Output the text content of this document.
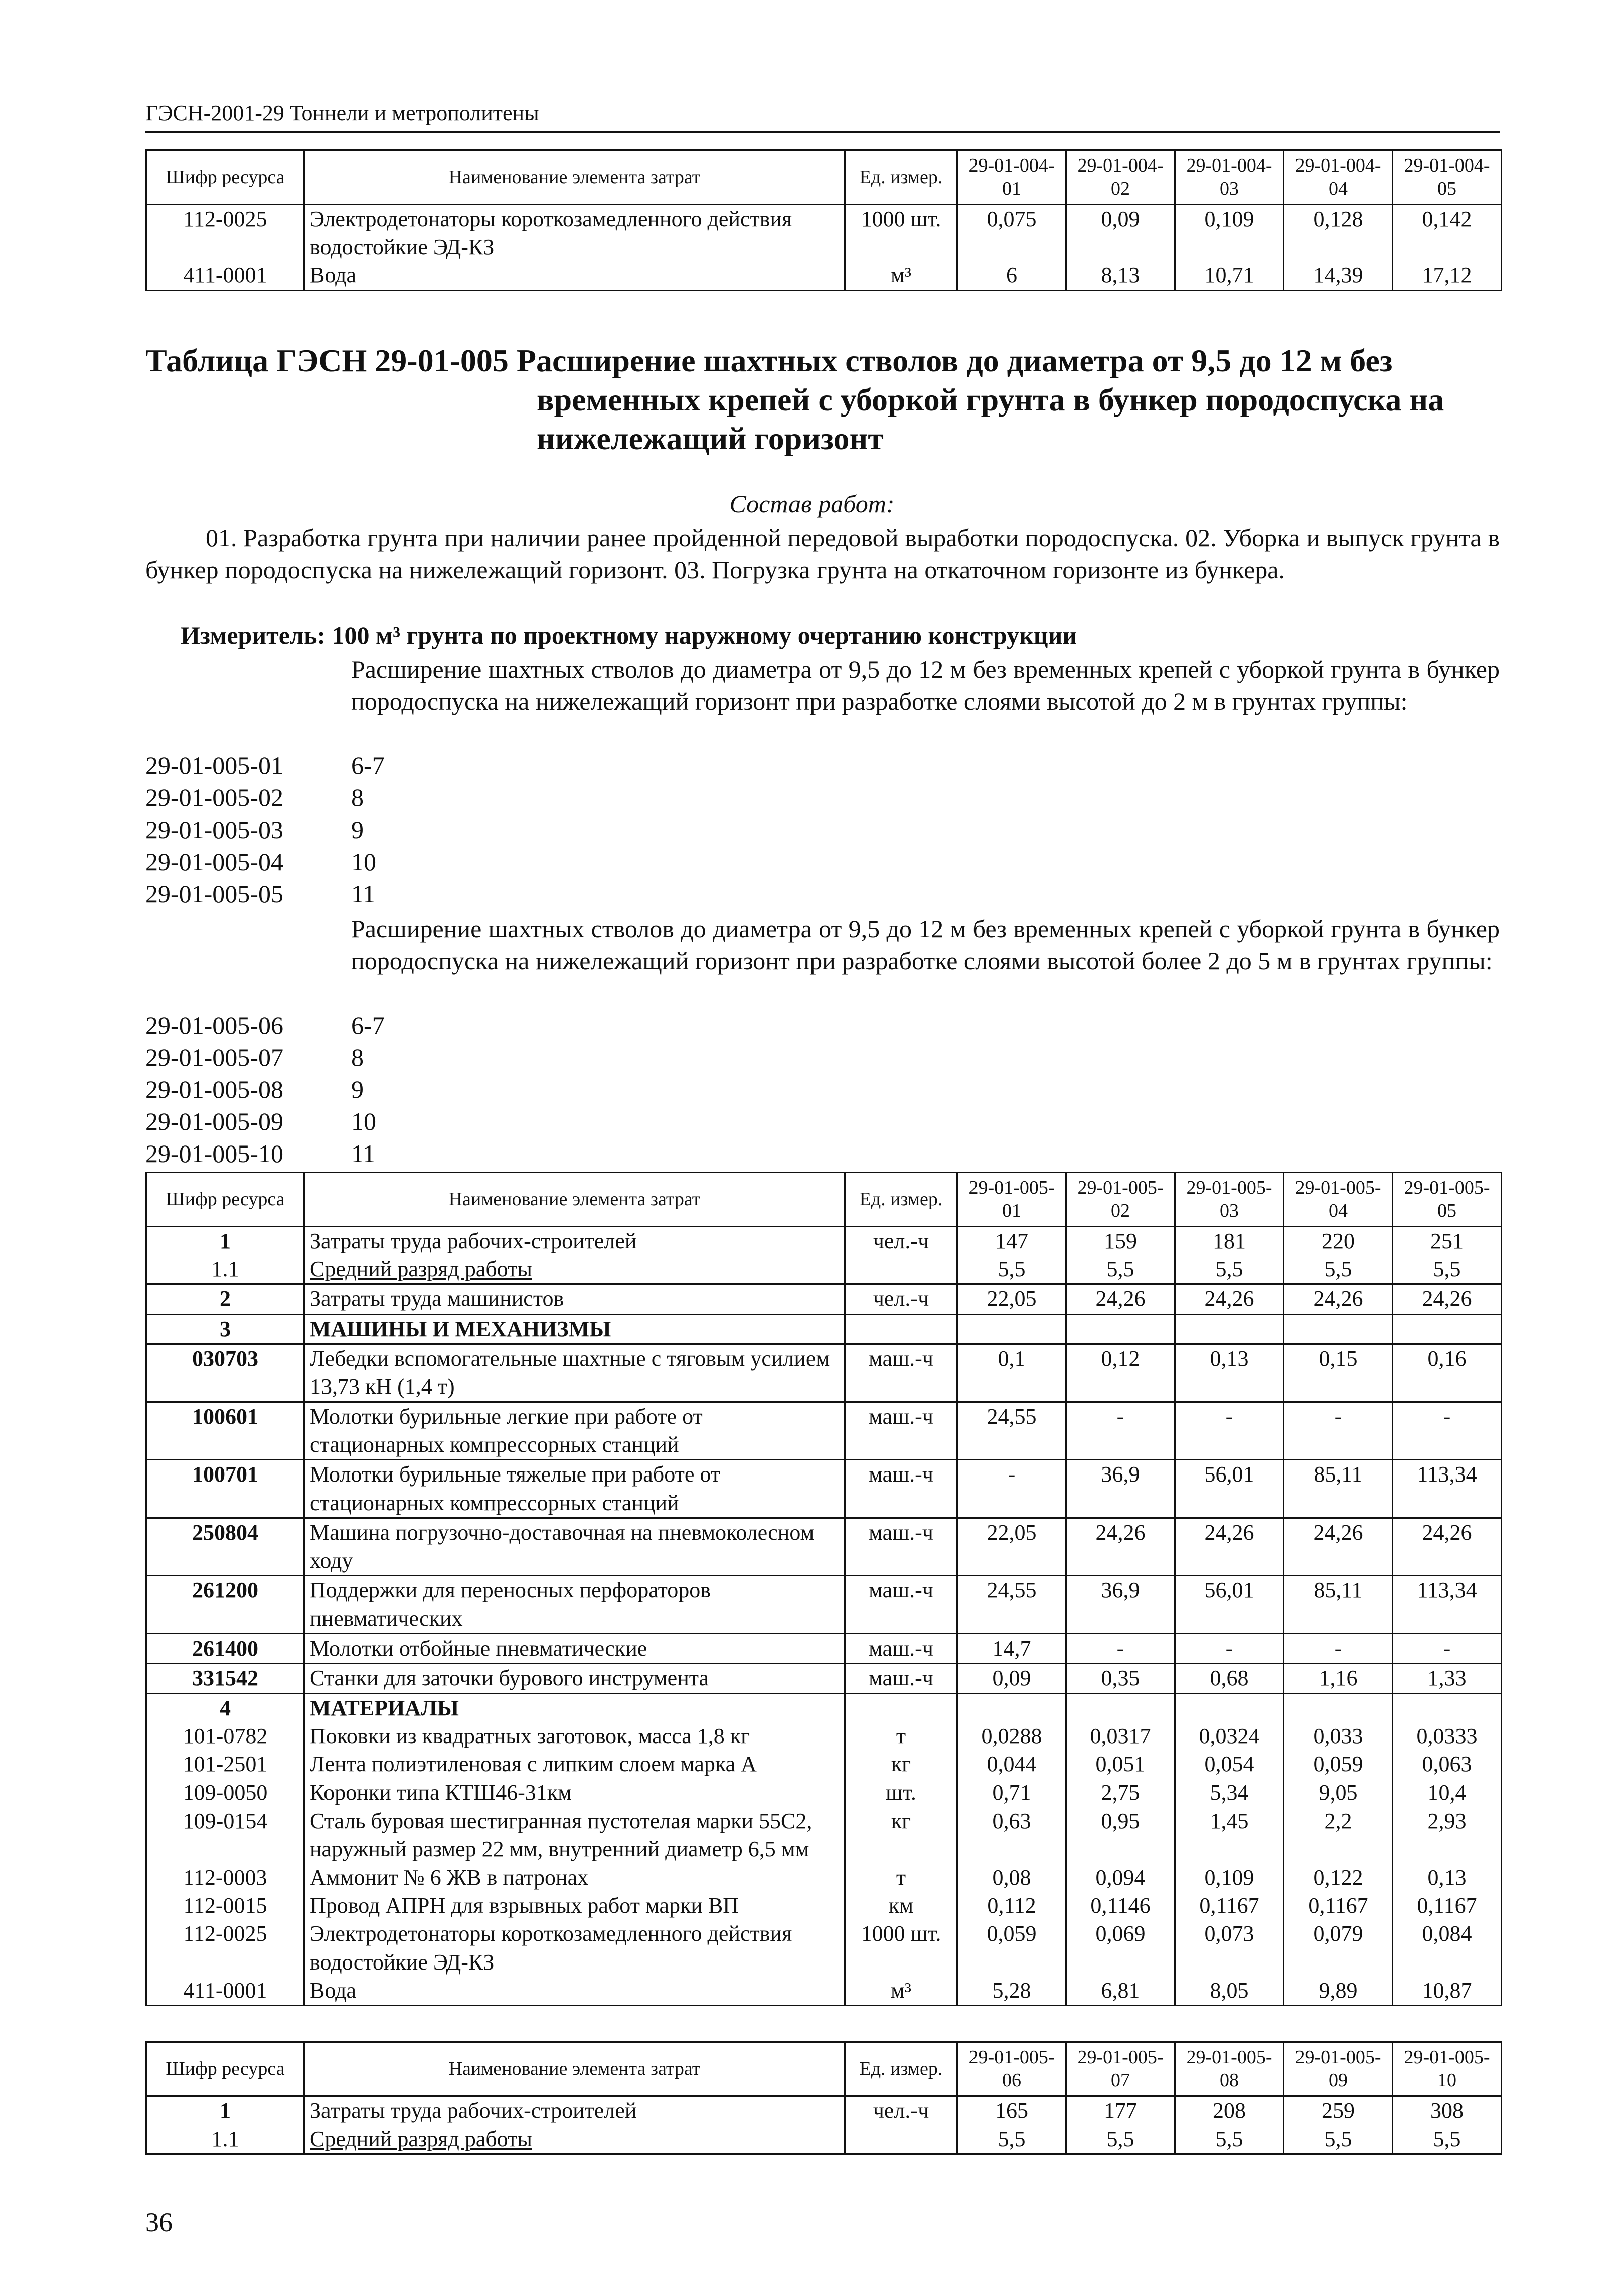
ГЭСН-2001-29 Тоннели и метрополитены
Шифр ресурса	Наименование элемента затрат	Ед. измер.	29-01-004-01	29-01-004-02	29-01-004-03	29-01-004-04	29-01-004-05
112-0025	Электродетонаторы короткозамедленного действия водостойкие ЭД-КЗ	1000 шт.	0,075	0,09	0,109	0,128	0,142
411-0001	Вода	м³	6	8,13	10,71	14,39	17,12
Таблица ГЭСН 29-01-005 Расширение шахтных стволов до диаметра от 9,5 до 12 м без
временных крепей с уборкой грунта в бункер породоспуска на нижележащий горизонт
Состав работ:
01. Разработка грунта при наличии ранее пройденной передовой выработки породоспуска. 02. Уборка и выпуск грунта в бункер породоспуска на нижележащий горизонт. 03. Погрузка грунта на откаточном горизонте из бункера.
Измеритель: 100 м³ грунта по проектному наружному очертанию конструкции
Расширение шахтных стволов до диаметра от 9,5 до 12 м без временных крепей с уборкой грунта в бункер породоспуска на нижележащий горизонт при разработке слоями высотой до 2 м в грунтах группы:
29-01-005-01	6-7
29-01-005-02	8
29-01-005-03	9
29-01-005-04	10
29-01-005-05	11
Расширение шахтных стволов до диаметра от 9,5 до 12 м без временных крепей с уборкой грунта в бункер породоспуска на нижележащий горизонт при разработке слоями высотой более 2 до 5 м в грунтах группы:
29-01-005-06	6-7
29-01-005-07	8
29-01-005-08	9
29-01-005-09	10
29-01-005-10	11
Шифр ресурса	Наименование элемента затрат	Ед. измер.	29-01-005-01	29-01-005-02	29-01-005-03	29-01-005-04	29-01-005-05
1	Затраты труда рабочих-строителей	чел.-ч	147	159	181	220	251
1.1	Средний разряд работы		5,5	5,5	5,5	5,5	5,5
2	Затраты труда машинистов	чел.-ч	22,05	24,26	24,26	24,26	24,26
3	МАШИНЫ И МЕХАНИЗМЫ						
030703	Лебедки вспомогательные шахтные с тяговым усилием 13,73 кН (1,4 т)	маш.-ч	0,1	0,12	0,13	0,15	0,16
100601	Молотки бурильные легкие при работе от стационарных компрессорных станций	маш.-ч	24,55	-	-	-	-
100701	Молотки бурильные тяжелые при работе от стационарных компрессорных станций	маш.-ч	-	36,9	56,01	85,11	113,34
250804	Машина погрузочно-доставочная на пневмоколесном ходу	маш.-ч	22,05	24,26	24,26	24,26	24,26
261200	Поддержки для переносных перфораторов пневматических	маш.-ч	24,55	36,9	56,01	85,11	113,34
261400	Молотки отбойные пневматические	маш.-ч	14,7	-	-	-	-
331542	Станки для заточки бурового инструмента	маш.-ч	0,09	0,35	0,68	1,16	1,33
4	МАТЕРИАЛЫ						
101-0782	Поковки из квадратных заготовок, масса 1,8 кг	т	0,0288	0,0317	0,0324	0,033	0,0333
101-2501	Лента полиэтиленовая с липким слоем марка А	кг	0,044	0,051	0,054	0,059	0,063
109-0050	Коронки типа КТШ46-31км	шт.	0,71	2,75	5,34	9,05	10,4
109-0154	Сталь буровая шестигранная пустотелая марки 55С2, наружный размер 22 мм, внутренний диаметр 6,5 мм	кг	0,63	0,95	1,45	2,2	2,93
112-0003	Аммонит № 6 ЖВ в патронах	т	0,08	0,094	0,109	0,122	0,13
112-0015	Провод АПРН для взрывных работ марки ВП	км	0,112	0,1146	0,1167	0,1167	0,1167
112-0025	Электродетонаторы короткозамедленного действия водостойкие ЭД-КЗ	1000 шт.	0,059	0,069	0,073	0,079	0,084
411-0001	Вода	м³	5,28	6,81	8,05	9,89	10,87
Шифр ресурса	Наименование элемента затрат	Ед. измер.	29-01-005-06	29-01-005-07	29-01-005-08	29-01-005-09	29-01-005-10
1	Затраты труда рабочих-строителей	чел.-ч	165	177	208	259	308
1.1	Средний разряд работы		5,5	5,5	5,5	5,5	5,5
36
